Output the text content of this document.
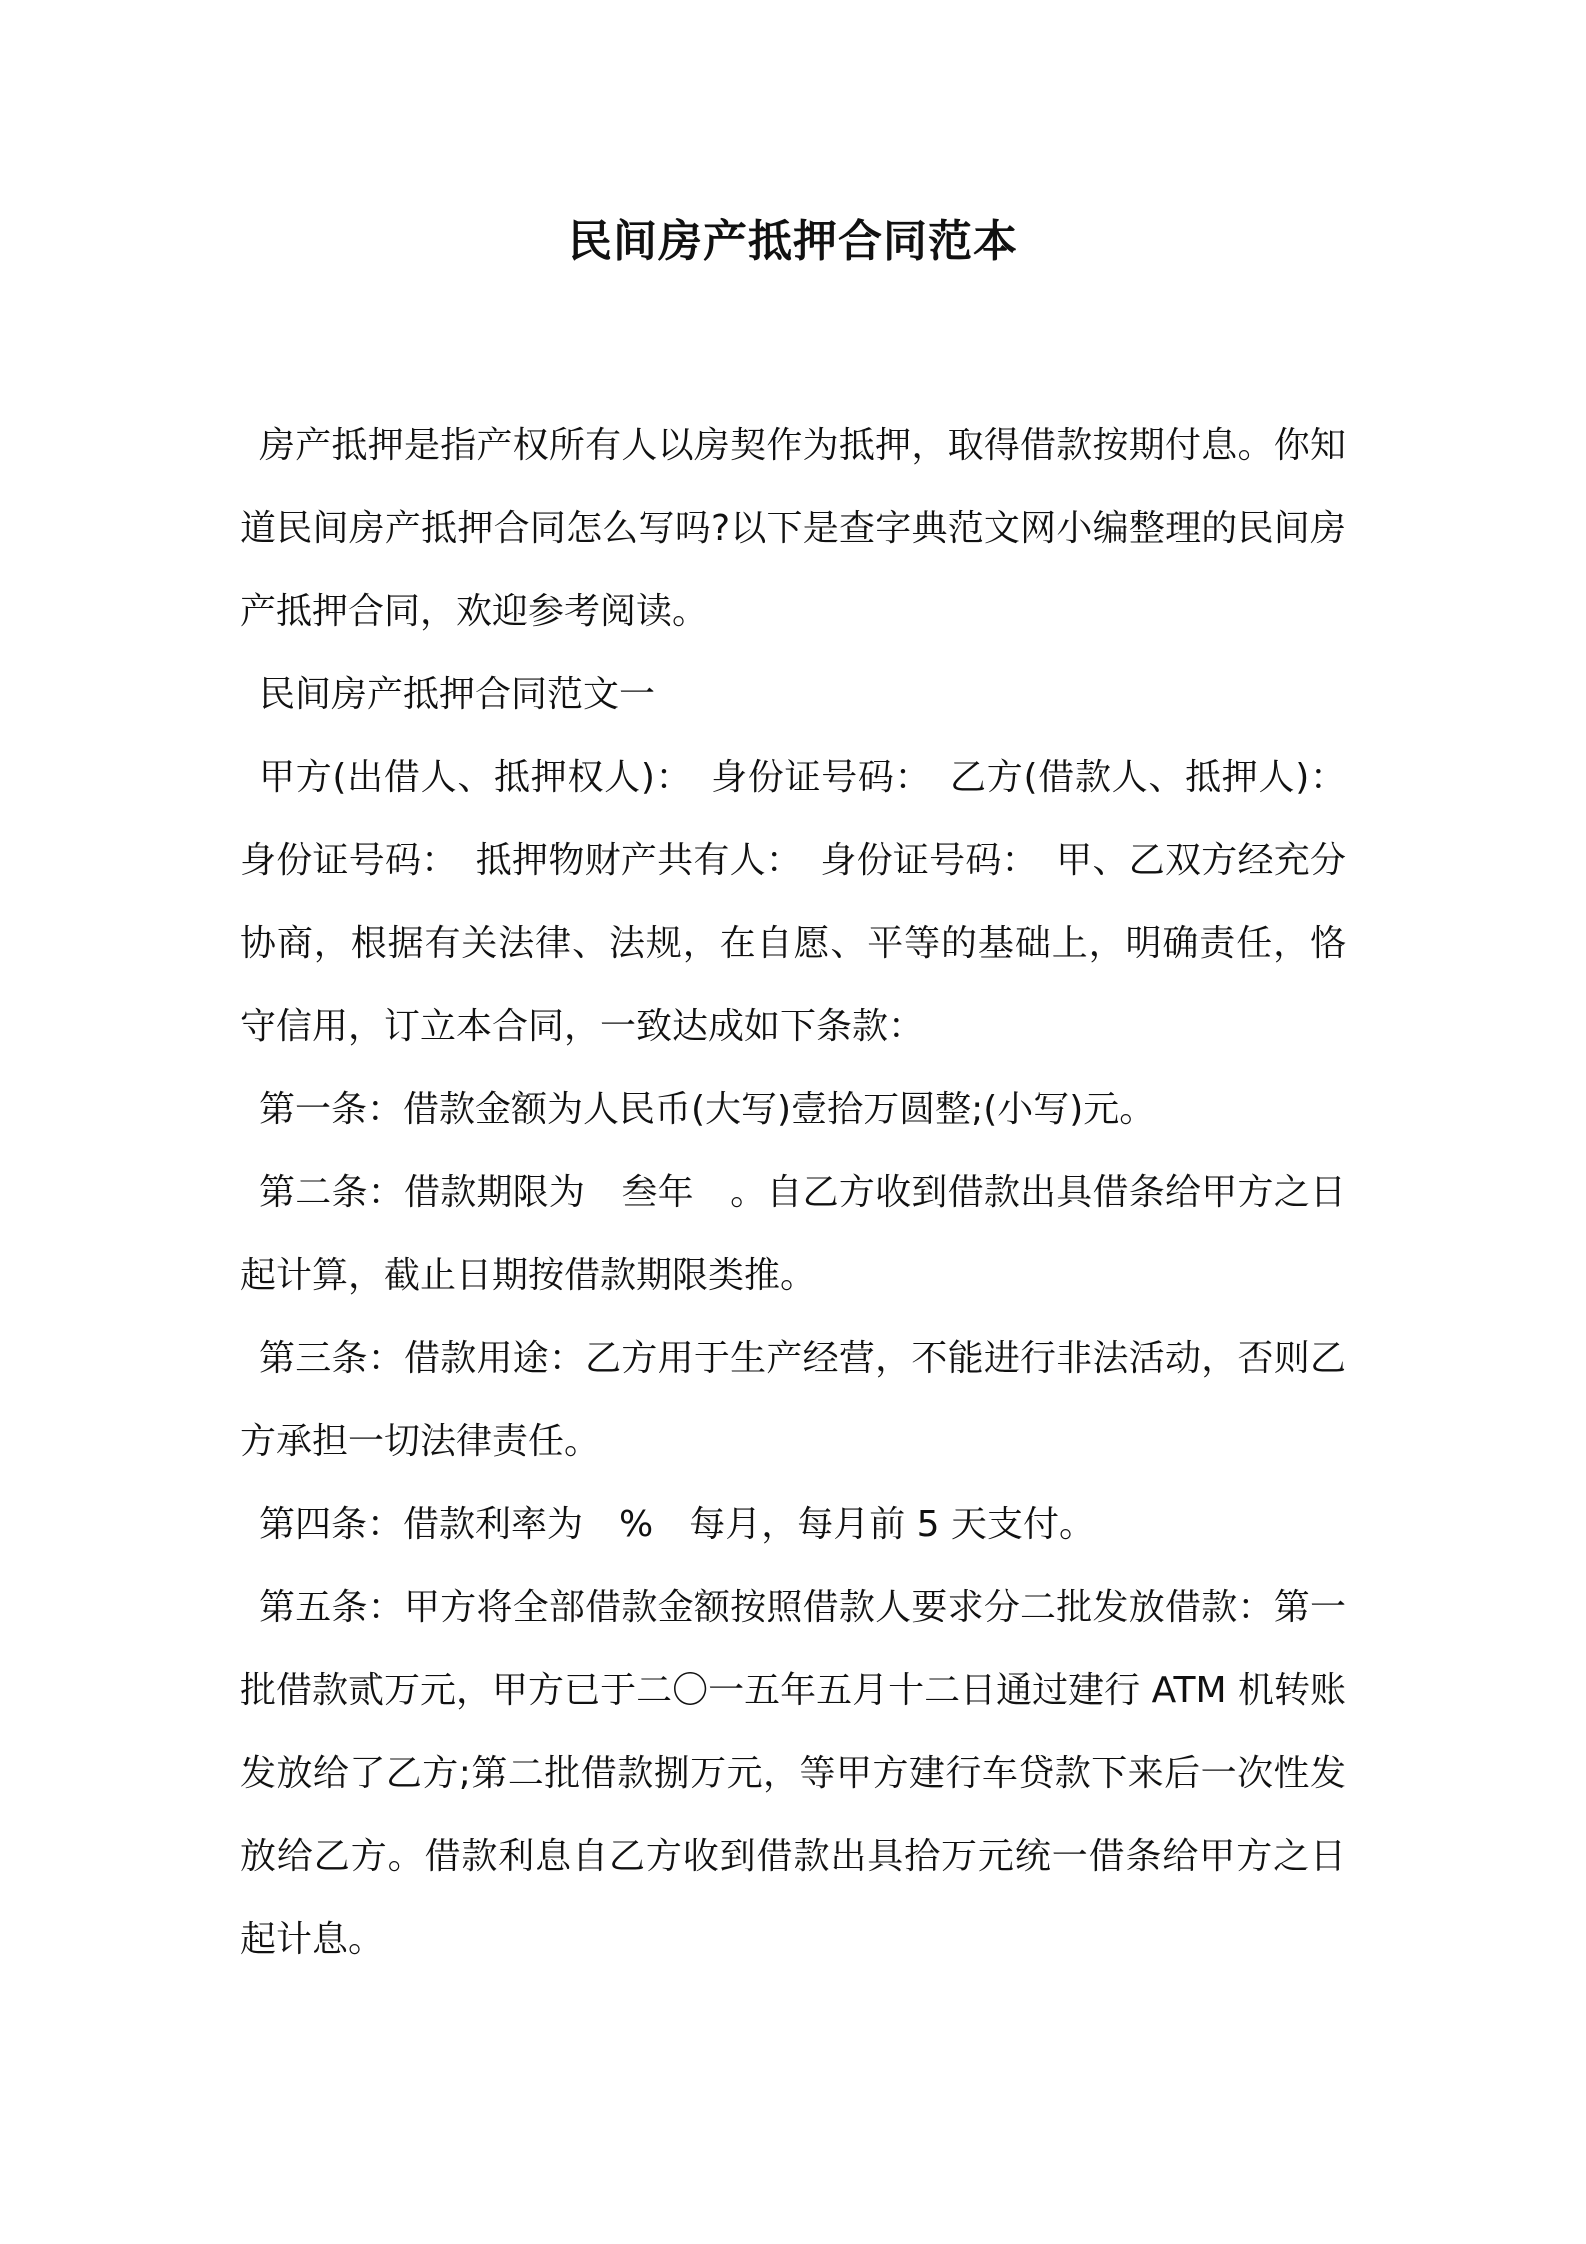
民间房产抵押合同范本

房产抵押是指产权所有人以房契作为抵押，取得借款按期付息。你知道民间房产抵押合同怎么写吗?以下是查字典范文网小编整理的民间房产抵押合同，欢迎参考阅读。

民间房产抵押合同范文一

甲方(出借人、抵押权人)：　身份证号码：　乙方(借款人、抵押人)：身份证号码：　抵押物财产共有人：　身份证号码：　甲、乙双方经充分协商，根据有关法律、法规，在自愿、平等的基础上，明确责任，恪守信用，订立本合同，一致达成如下条款：

第一条：借款金额为人民币(大写)壹拾万圆整;(小写)元。

第二条：借款期限为　叁年　。自乙方收到借款出具借条给甲方之日起计算，截止日期按借款期限类推。

第三条：借款用途：乙方用于生产经营，不能进行非法活动，否则乙方承担一切法律责任。

第四条：借款利率为　%　每月，每月前 5 天支付。

第五条：甲方将全部借款金额按照借款人要求分二批发放借款：第一批借款贰万元，甲方已于二〇一五年五月十二日通过建行 ATM 机转账发放给了乙方;第二批借款捌万元，等甲方建行车贷款下来后一次性发放给乙方。借款利息自乙方收到借款出具拾万元统一借条给甲方之日起计息。
